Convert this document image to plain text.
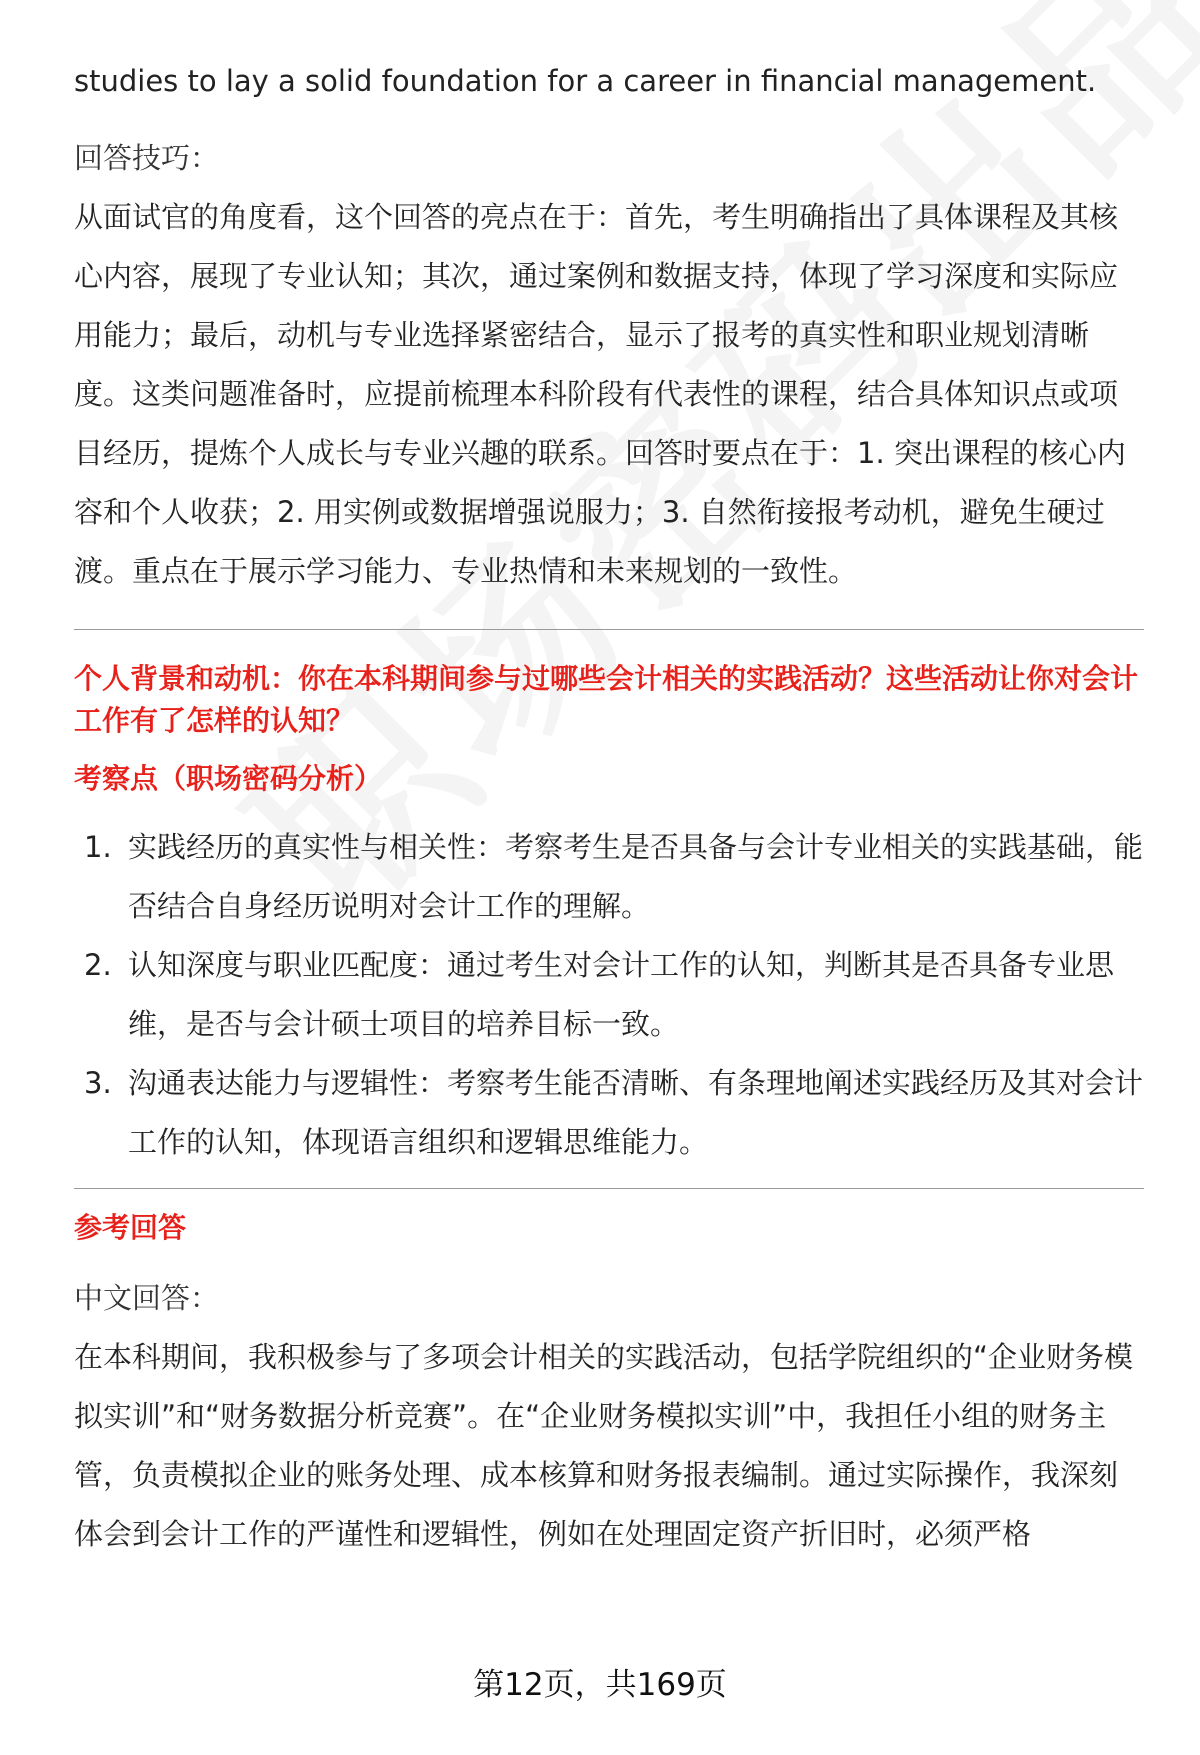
studies to lay a solid foundation for a career in financial management.

回答技巧：

从面试官的角度看，这个回答的亮点在于：首先，考生明确指出了具体课程及其核心内容，展现了专业认知；其次，通过案例和数据支持，体现了学习深度和实际应用能力；最后，动机与专业选择紧密结合，显示了报考的真实性和职业规划清晰度。这类问题准备时，应提前梳理本科阶段有代表性的课程，结合具体知识点或项目经历，提炼个人成长与专业兴趣的联系。回答时要点在于：1. 突出课程的核心内容和个人收获；2. 用实例或数据增强说服力；3. 自然衔接报考动机，避免生硬过渡。重点在于展示学习能力、专业热情和未来规划的一致性。

个人背景和动机：你在本科期间参与过哪些会计相关的实践活动？这些活动让你对会计工作有了怎样的认知？

考察点（职场密码分析）

1. 实践经历的真实性与相关性：考察考生是否具备与会计专业相关的实践基础，能否结合自身经历说明对会计工作的理解。
2. 认知深度与职业匹配度：通过考生对会计工作的认知，判断其是否具备专业思维，是否与会计硕士项目的培养目标一致。
3. 沟通表达能力与逻辑性：考察考生能否清晰、有条理地阐述实践经历及其对会计工作的认知，体现语言组织和逻辑思维能力。

参考回答

中文回答：

在本科期间，我积极参与了多项会计相关的实践活动，包括学院组织的“企业财务模拟实训”和“财务数据分析竞赛”。在“企业财务模拟实训”中，我担任小组的财务主管，负责模拟企业的账务处理、成本核算和财务报表编制。通过实际操作，我深刻体会到会计工作的严谨性和逻辑性，例如在处理固定资产折旧时，必须严格

第12页，共169页
